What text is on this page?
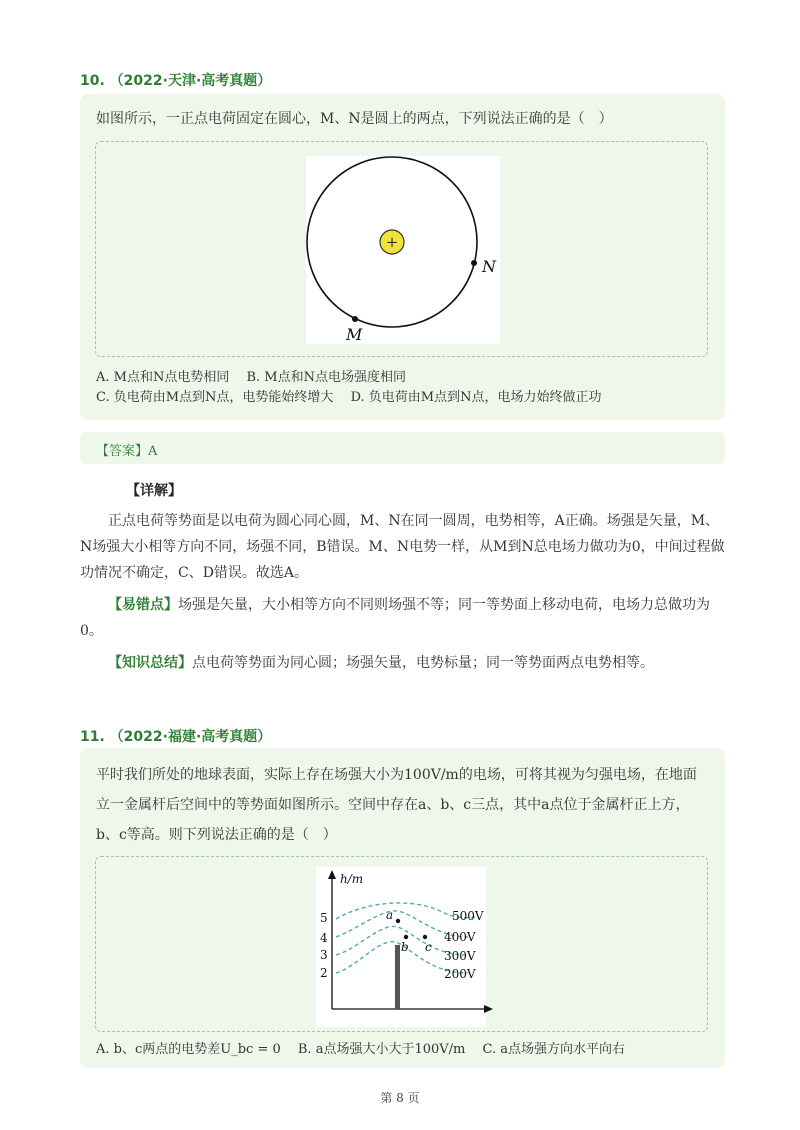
10. （2022·天津·高考真题）
如图所示，一正点电荷固定在圆心，M、N是圆上的两点，下列说法正确的是（　）
+
N
M
A. M点和N点电势相同　 B. M点和N点电场强度相同
C. 负电荷由M点到N点，电势能始终增大　 D. 负电荷由M点到N点，电场力始终做正功
【答案】A
【详解】
正点电荷等势面是以电荷为圆心同心圆，M、N在同一圆周，电势相等，A正确。场强是矢量，M、N场强大小相等方向不同，场强不同，B错误。M、N电势一样，从M到N总电场力做功为0，中间过程做功情况不确定，C、D错误。故选A。
【易错点】场强是矢量，大小相等方向不同则场强不等；同一等势面上移动电荷，电场力总做功为0。
【知识总结】点电荷等势面为同心圆；场强矢量，电势标量；同一等势面两点电势相等。
11. （2022·福建·高考真题）
平时我们所处的地球表面，实际上存在场强大小为100V/m的电场，可将其视为匀强电场，在地面立一金属杆后空间中的等势面如图所示。空间中存在a、b、c三点，其中a点位于金属杆正上方，b、c等高。则下列说法正确的是（　）
h/m
5
4
3
2
500V
400V
300V
200V
a
b c
A. b、c两点的电势差U_bc = 0　 B. a点场强大小大于100V/m　 C. a点场强方向水平向右
第 8 页
